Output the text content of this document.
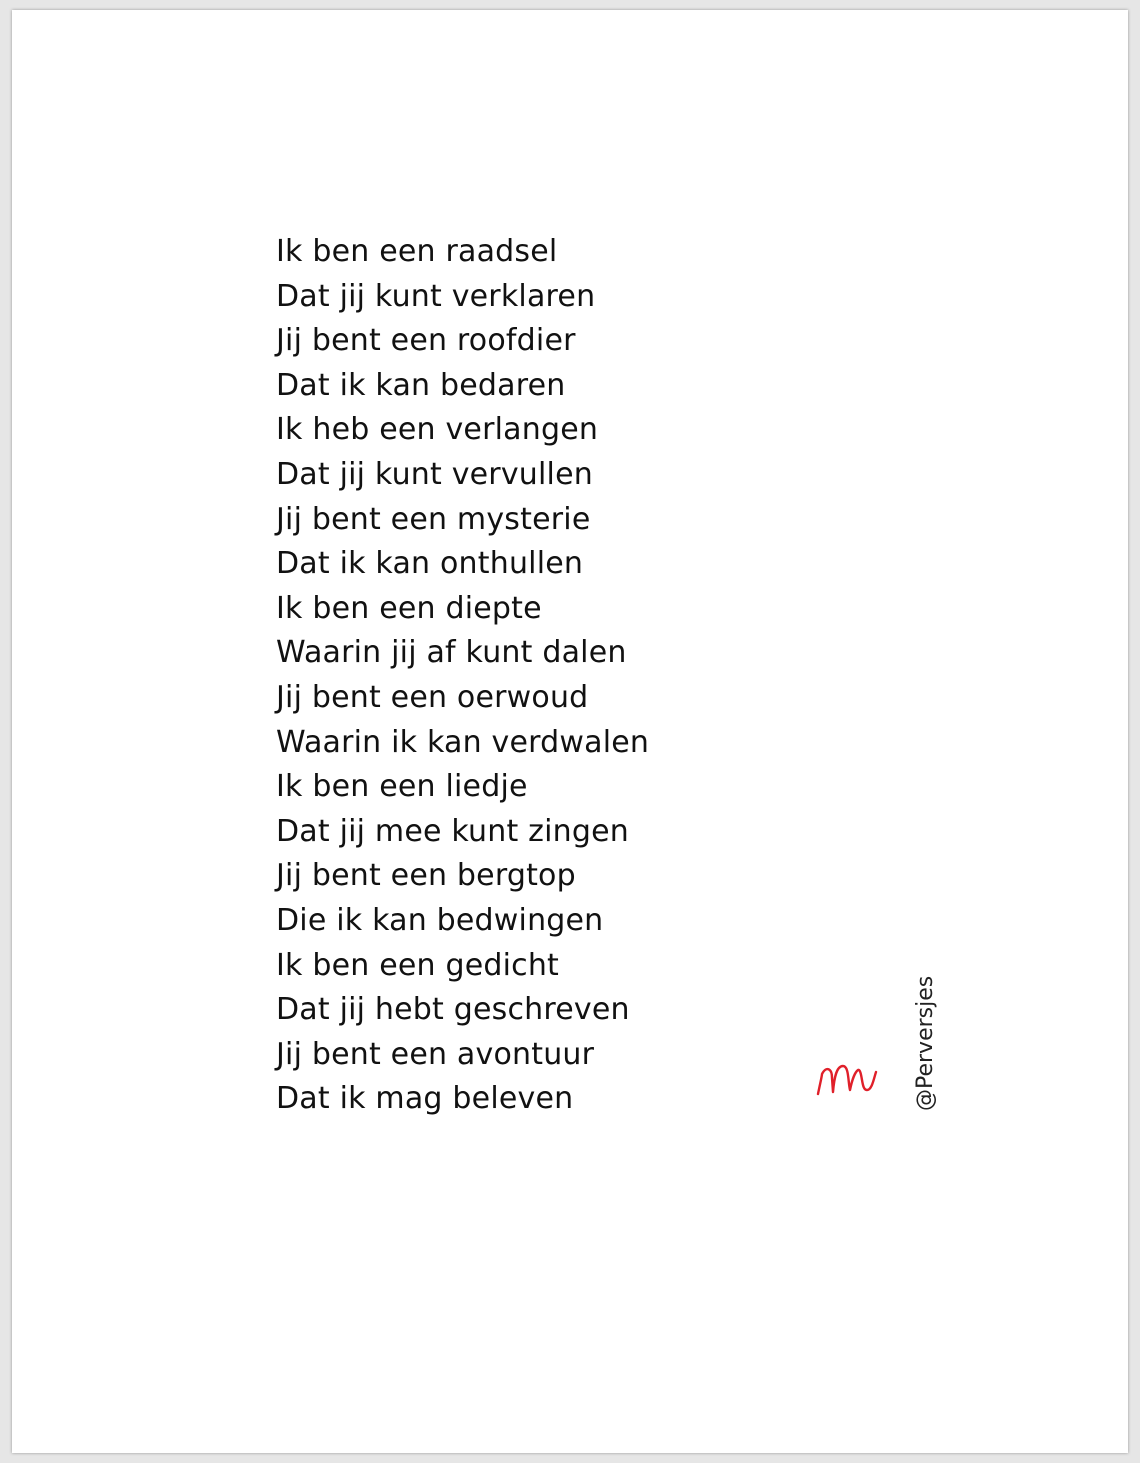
Ik ben een raadsel
Dat jij kunt verklaren
Jij bent een roofdier
Dat ik kan bedaren
Ik heb een verlangen
Dat jij kunt vervullen
Jij bent een mysterie
Dat ik kan onthullen
Ik ben een diepte
Waarin jij af kunt dalen
Jij bent een oerwoud
Waarin ik kan verdwalen
Ik ben een liedje
Dat jij mee kunt zingen
Jij bent een bergtop
Die ik kan bedwingen
Ik ben een gedicht
Dat jij hebt geschreven
Jij bent een avontuur
Dat ik mag beleven	@Perversjes
